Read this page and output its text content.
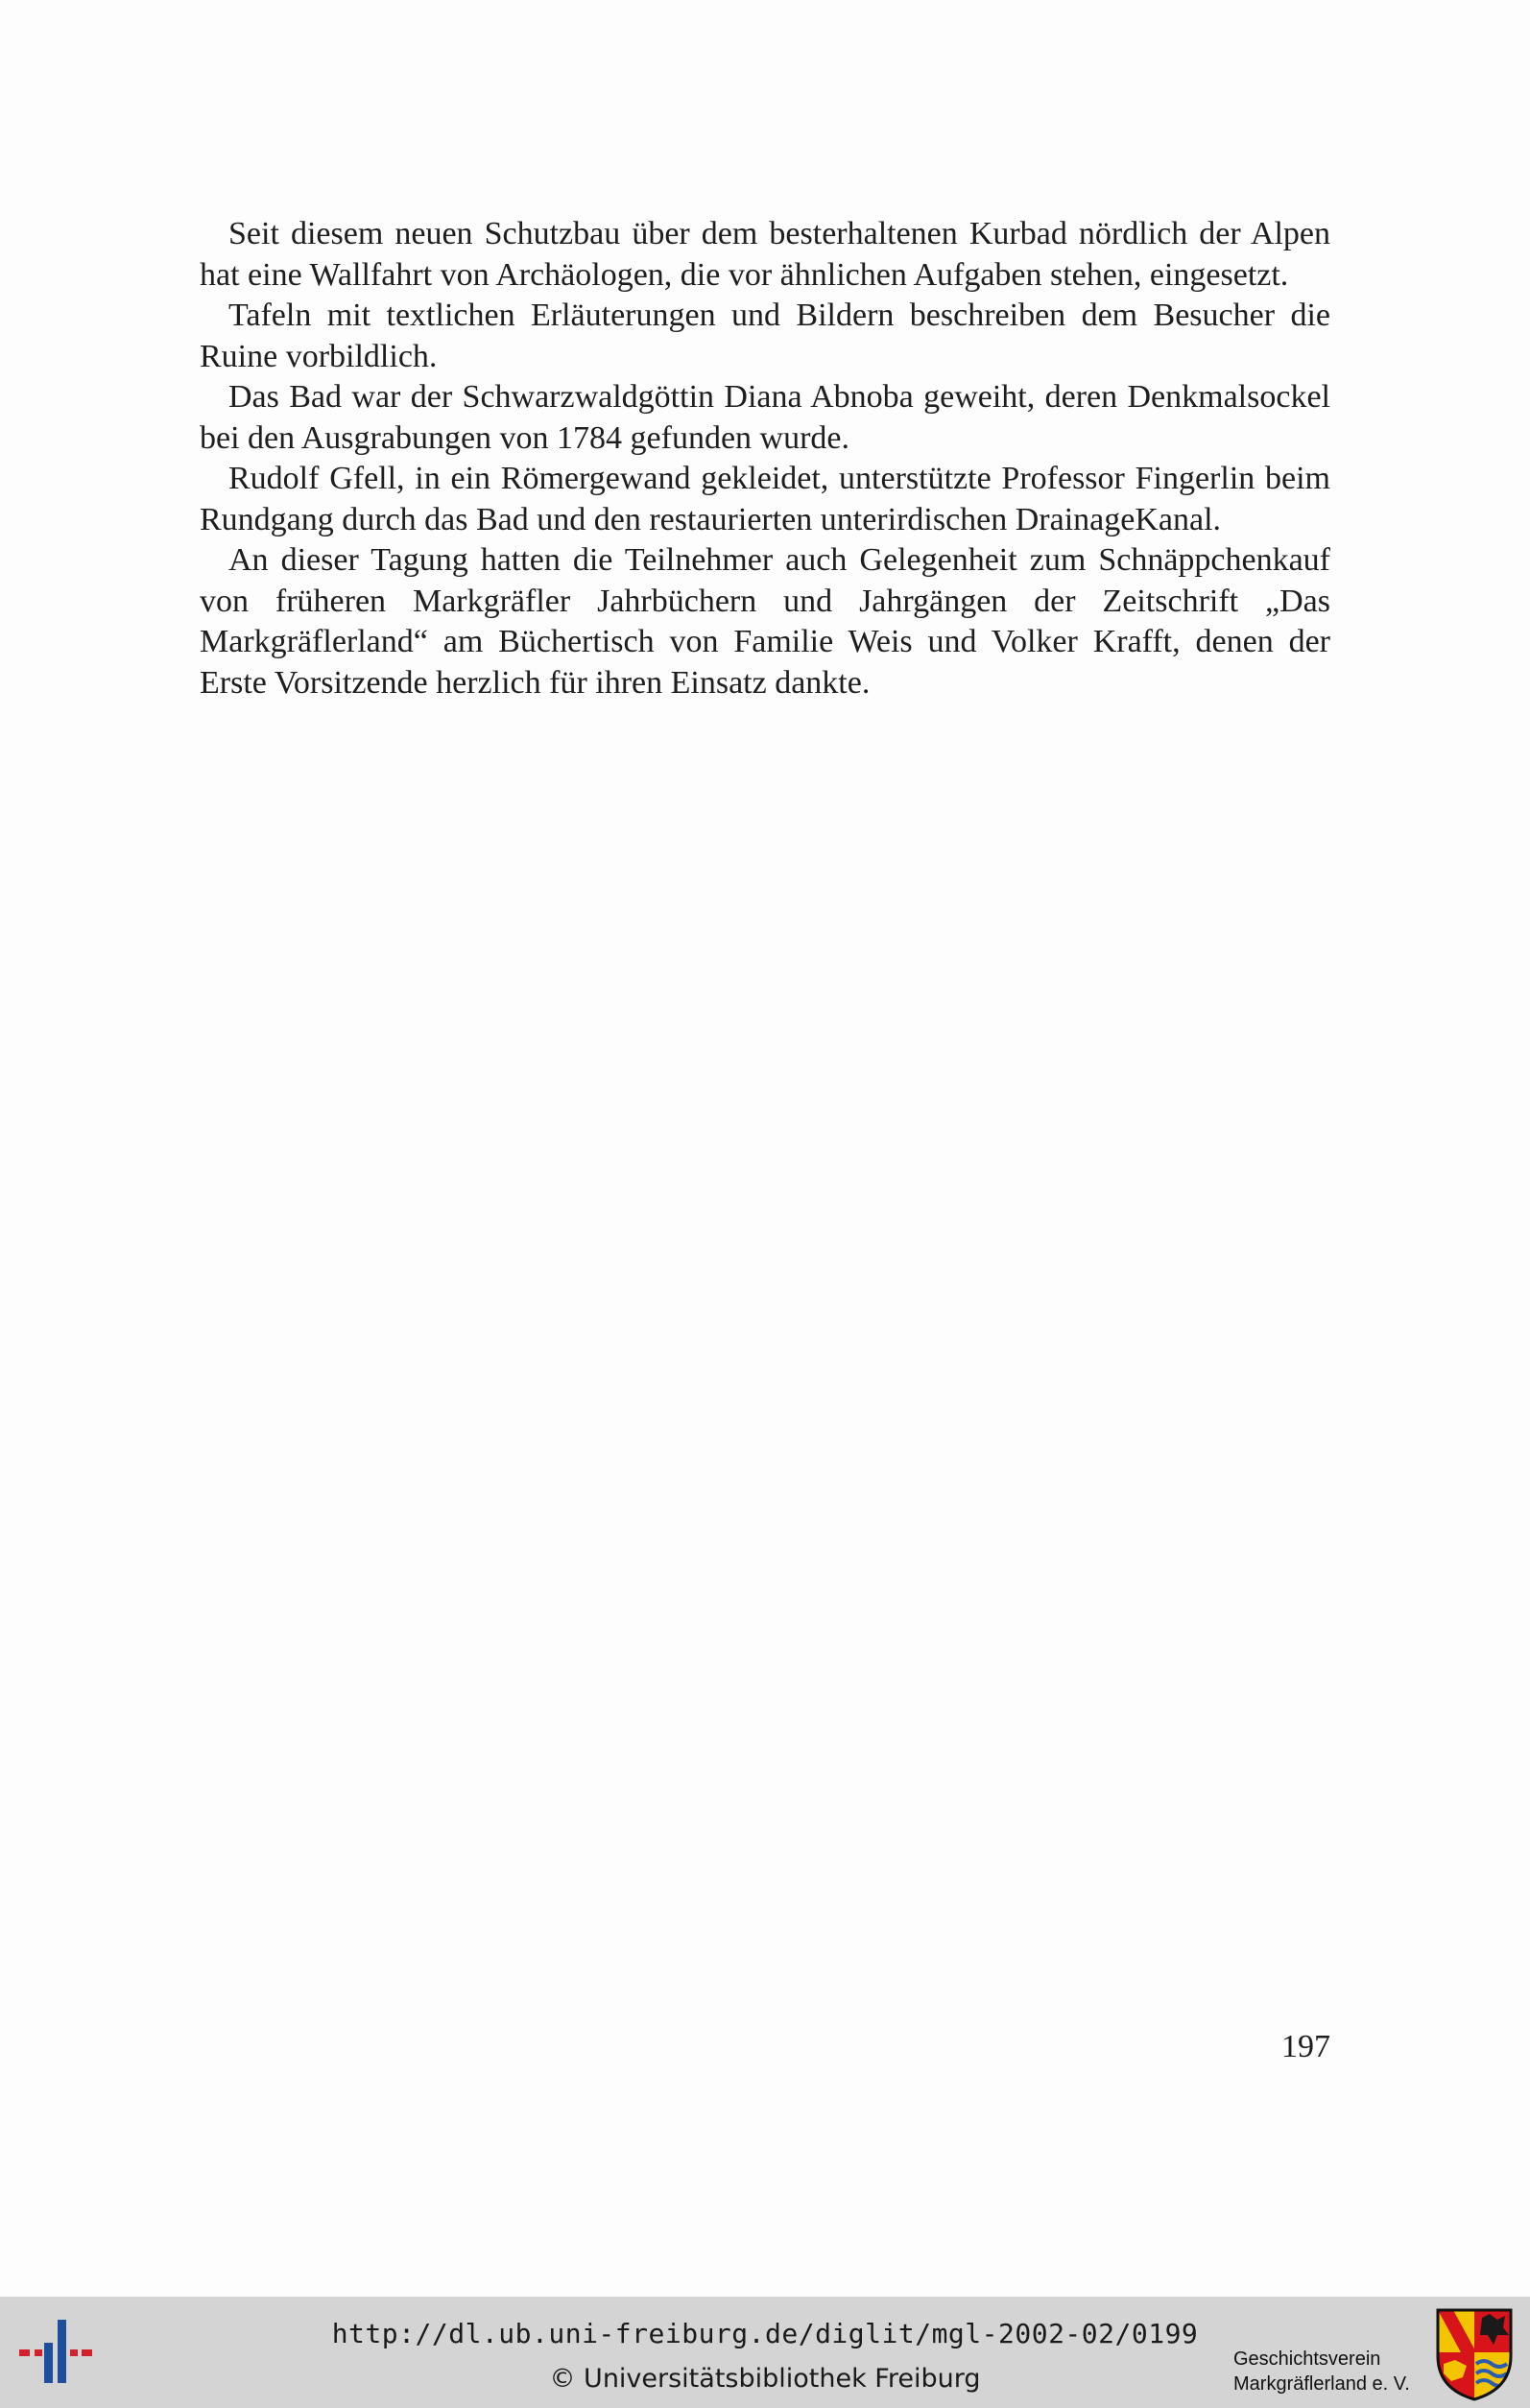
Seit diesem neuen Schutzbau über dem besterhaltenen Kurbad nördlich der Alpen hat eine Wallfahrt von Archäologen, die vor ähnlichen Aufgaben stehen, eingesetzt.

Tafeln mit textlichen Erläuterungen und Bildern beschreiben dem Besucher die Ruine vorbildlich.

Das Bad war der Schwarzwaldgöttin Diana Abnoba geweiht, deren Denkmalsockel bei den Ausgrabungen von 1784 gefunden wurde.

Rudolf Gfell, in ein Römergewand gekleidet, unterstützte Professor Fingerlin beim Rundgang durch das Bad und den restaurierten unterirdischen DrainageKanal.

An dieser Tagung hatten die Teilnehmer auch Gelegenheit zum Schnäppchenkauf von früheren Markgräfler Jahrbüchern und Jahrgängen der Zeitschrift „Das Markgräflerland“ am Büchertisch von Familie Weis und Volker Krafft, denen der Erste Vorsitzende herzlich für ihren Einsatz dankte.

197
http://dl.ub.uni-freiburg.de/diglit/mgl-2002-02/0199
© Universitätsbibliothek Freiburg
Geschichtsverein
Markgräflerland e. V.
